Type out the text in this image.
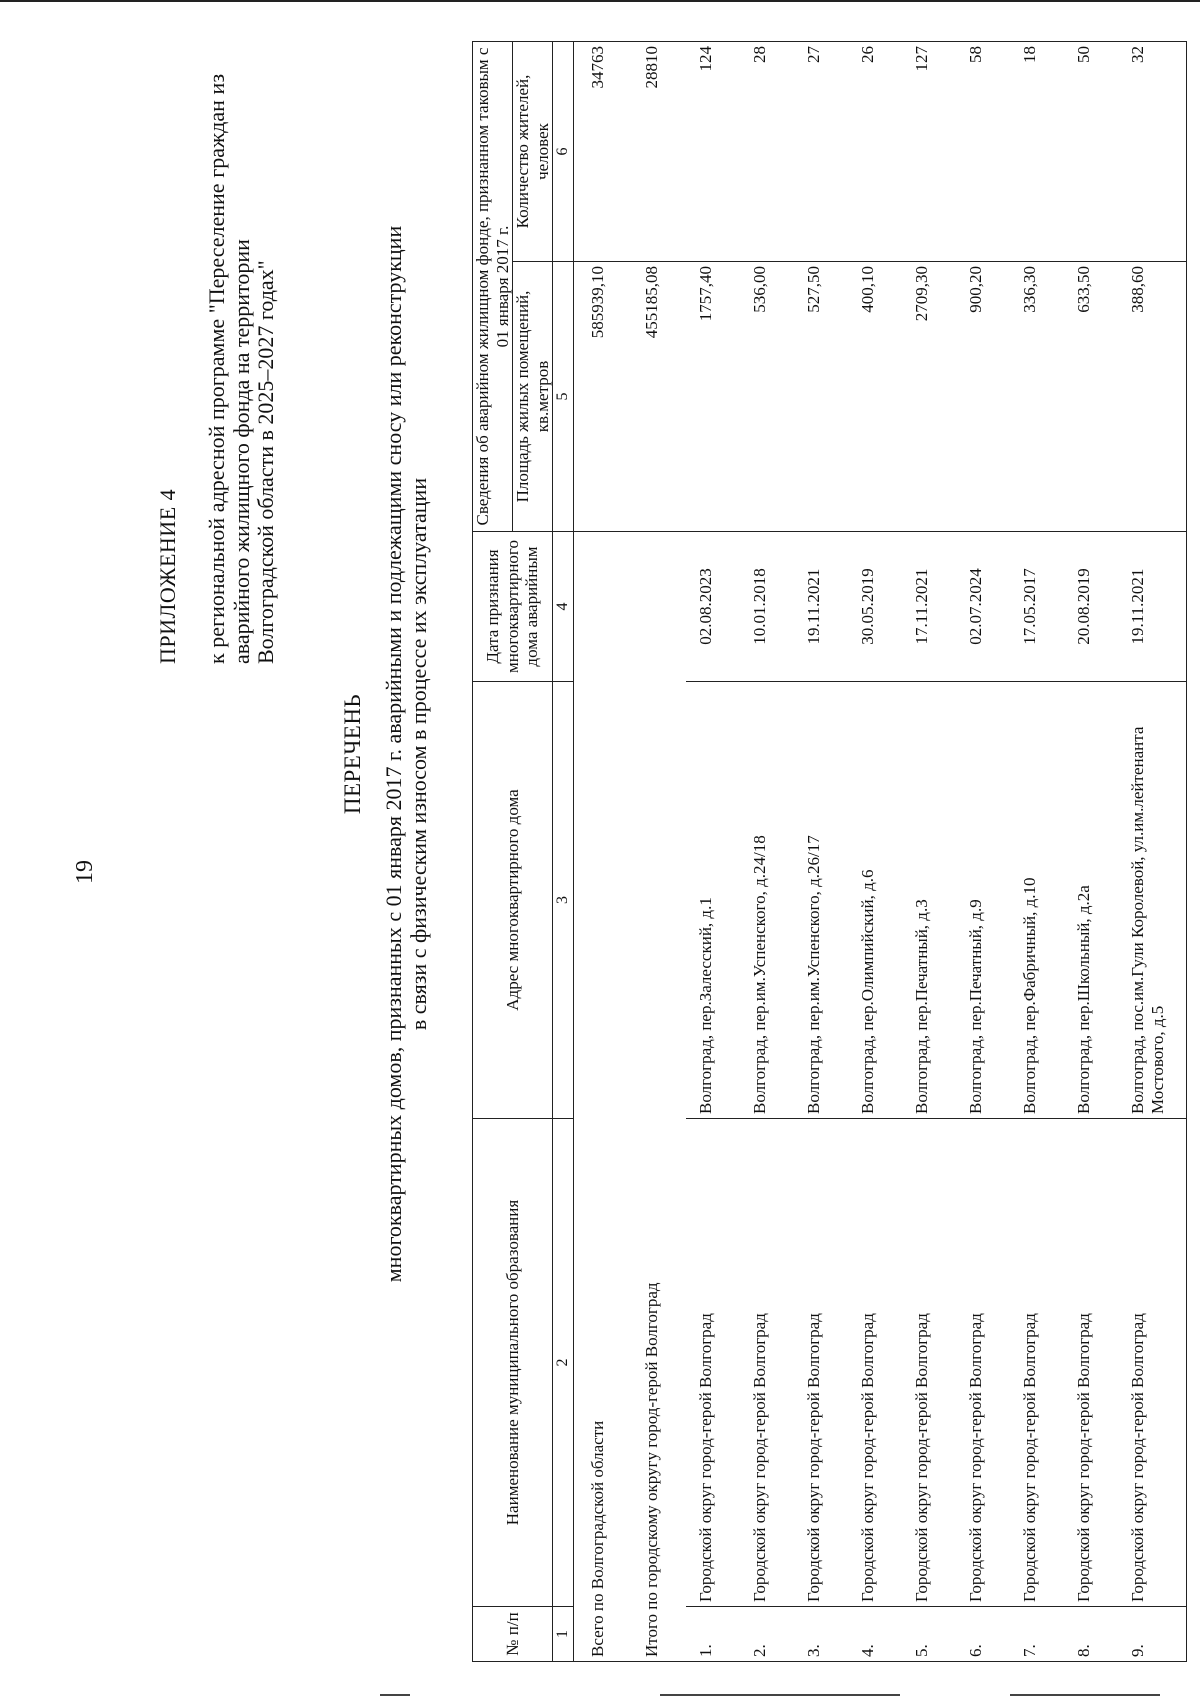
19
ПРИЛОЖЕНИЕ 4 к региональной адресной программе "Переселение граждан из аварийного жилищного фонда на территории Волгоградской области в 2025–2027 годах"
ПЕРЕЧЕНЬ многоквартирных домов, признанных с 01 января 2017 г. аварийными и подлежащими сносу или реконструкции в связи с физическим износом в процессе их эксплуатации
№ п/п	Наименование муниципального образования	Адрес многоквартирного дома	Дата признания многоквартирного дома аварийным	Сведения об аварийном жилищном фонде, признанном таковым с 01 января 2017 г.	
				Площадь жилых помещений, кв.метров	Количество жителей, человек
1	2	3	4	5	6
Всего по Волгоградской области				585939,10	34763
Итого по городскому округу город-герой Волгоград				455185,08	28810
1.	Городской округ город-герой Волгоград	Волгоград, пер.Залесский, д.1	02.08.2023	1757,40	124
2.	Городской округ город-герой Волгоград	Волгоград, пер.им.Успенского, д.24/18	10.01.2018	536,00	28
3.	Городской округ город-герой Волгоград	Волгоград, пер.им.Успенского, д.26/17	19.11.2021	527,50	27
4.	Городской округ город-герой Волгоград	Волгоград, пер.Олимпийский, д.6	30.05.2019	400,10	26
5.	Городской округ город-герой Волгоград	Волгоград, пер.Печатный, д.3	17.11.2021	2709,30	127
6.	Городской округ город-герой Волгоград	Волгоград, пер.Печатный, д.9	02.07.2024	900,20	58
7.	Городской округ город-герой Волгоград	Волгоград, пер.Фабричный, д.10	17.05.2017	336,30	18
8.	Городской округ город-герой Волгоград	Волгоград, пер.Школьный, д.2а	20.08.2019	633,50	50
9.	Городской округ город-герой Волгоград	Волгоград, пос.им.Гули Королевой, ул.им.лейтенанта Мостового, д.5	19.11.2021	388,60	32
